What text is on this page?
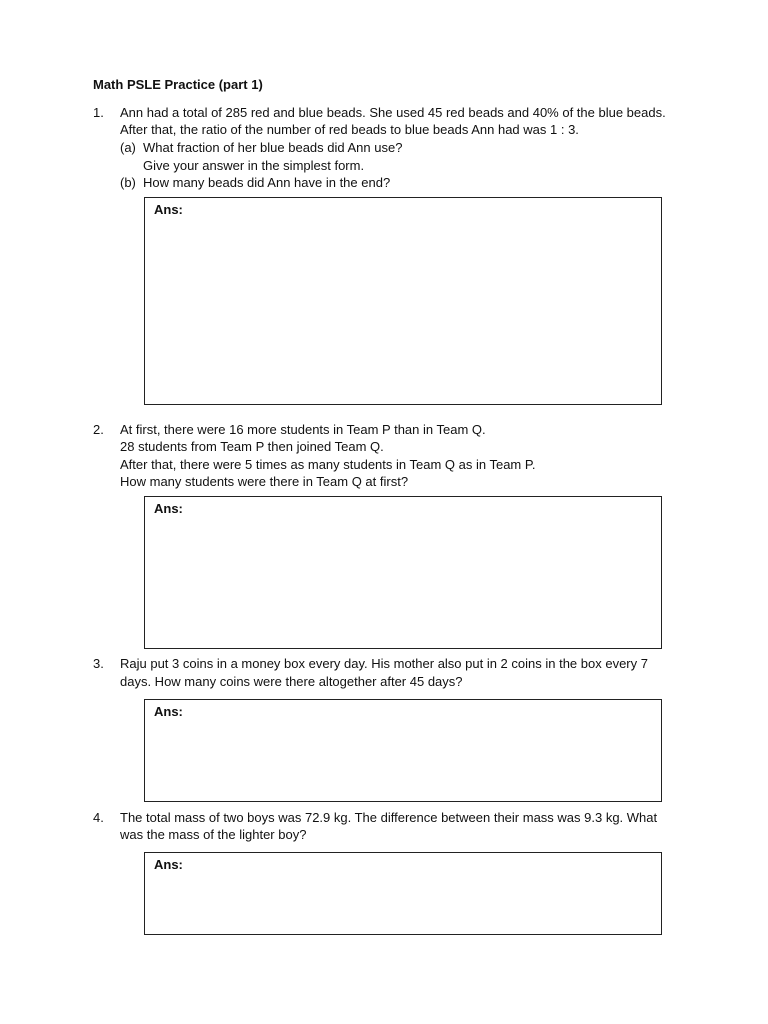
Math PSLE Practice (part 1)
1. Ann had a total of 285 red and blue beads. She used 45 red beads and 40% of the blue beads.
After that, the ratio of the number of red beads to blue beads Ann had was 1 : 3.
(a) What fraction of her blue beads did Ann use?
Give your answer in the simplest form.
(b) How many beads did Ann have in the end?
Ans:
2. At first, there were 16 more students in Team P than in Team Q.
28 students from Team P then joined Team Q.
After that, there were 5 times as many students in Team Q as in Team P.
How many students were there in Team Q at first?
Ans:
3. Raju put 3 coins in a money box every day. His mother also put in 2 coins in the box every 7
days. How many coins were there altogether after 45 days?
Ans:
4. The total mass of two boys was 72.9 kg. The difference between their mass was 9.3 kg. What
was the mass of the lighter boy?
Ans:
